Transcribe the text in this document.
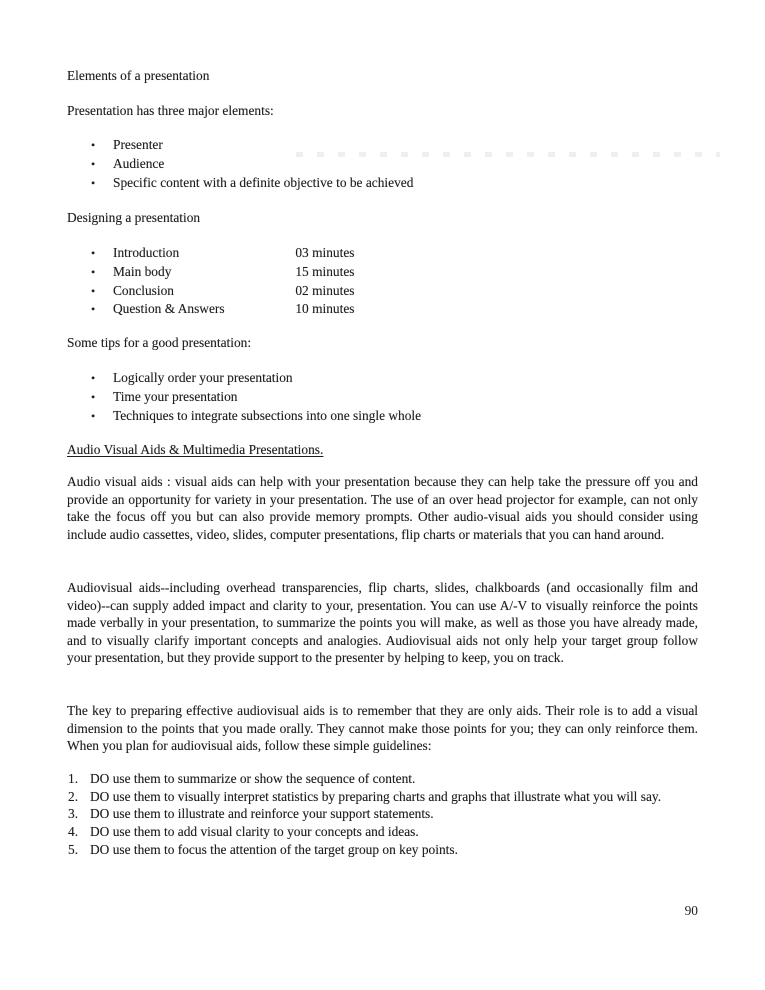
Elements of a presentation
Presentation has three major elements:
• Presenter
• Audience
• Specific content with a definite objective to be achieved
Designing a presentation
• Introduction	03 minutes
• Main body	15 minutes
• Conclusion	02 minutes
• Question & Answers	10 minutes
Some tips for a good presentation:
• Logically order your presentation
• Time your presentation
• Techniques to integrate subsections into one single whole
Audio Visual Aids & Multimedia Presentations.
Audio visual aids : visual aids can help with your presentation because they can help take the pressure off you and provide an opportunity for variety in your presentation. The use of an over head projector for example, can not only take the focus off you but can also provide memory prompts. Other audio-visual aids you should consider using include audio cassettes, video, slides, computer presentations, flip charts or materials that you can hand around.
Audiovisual aids--including overhead transparencies, flip charts, slides, chalkboards (and occasionally film and video)--can supply added impact and clarity to your, presentation. You can use A/-V to visually reinforce the points made verbally in your presentation, to summarize the points you will make, as well as those you have already made, and to visually clarify important concepts and analogies. Audiovisual aids not only help your target group follow your presentation, but they provide support to the presenter by helping to keep, you on track.
The key to preparing effective audiovisual aids is to remember that they are only aids. Their role is to add a visual dimension to the points that you made orally. They cannot make those points for you; they can only reinforce them. When you plan for audiovisual aids, follow these simple guidelines:
1. DO use them to summarize or show the sequence of content.
2. DO use them to visually interpret statistics by preparing charts and graphs that illustrate what you will say.
3. DO use them to illustrate and reinforce your support statements.
4. DO use them to add visual clarity to your concepts and ideas.
5. DO use them to focus the attention of the target group on key points.
90
